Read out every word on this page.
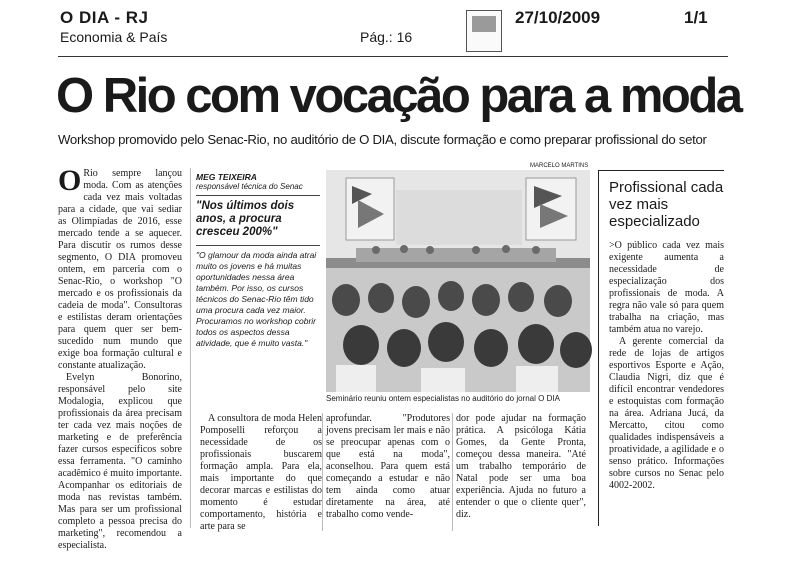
O DIA - RJ
Economia & País	Pág.: 16
27/10/2009	1/1
O Rio com vocação para a moda
Workshop promovido pelo Senac-Rio, no auditório de O DIA, discute formação e como preparar profissional do setor
O Rio sempre lançou moda. Com as atenções cada vez mais voltadas para a cidade, que vai sediar as Olimpíadas de 2016, esse mercado tende a se aquecer. Para discutir os rumos desse segmento, O DIA promoveu ontem, em parceria com o Senac-Rio, o workshop "O mercado e os profissionais da cadeia de moda". Consultoras e estilistas deram orientações para quem quer ser bem-sucedido num mundo que exige boa formação cultural e constante atualização.

Evelyn Bonorino, responsável pelo site Modalogia, explicou que profissionais da área precisam ter cada vez mais noções de marketing e de preferência fazer cursos específicos sobre essa ferramenta. "O caminho acadêmico é muito importante. Acompanhar os editoriais de moda nas revistas também. Mas para ser um profissional completo a pessoa precisa do marketing", recomendou a especialista.

MEG TEIXEIRA
responsável técnica do Senac
"Nos últimos dois anos, a procura cresceu 200%"
"O glamour da moda ainda atrai muito os jovens e há muitas oportunidades nessa área também. Por isso, os cursos técnicos do Senac-Rio têm tido uma procura cada vez maior. Procuramos no workshop cobrir todos os aspectos dessa atividade, que é muito vasta."
MARCELO MARTINS
Seminário reuniu ontem especialistas no auditório do jornal O DIA

A consultora de moda Helen Pomposelli reforçou a necessidade de os profissionais buscarem formação ampla. Para ela, mais importante do que decorar marcas e estilistas do momento é estudar comportamento, história e arte para se

aprofundar. "Produtores jovens precisam ler mais e não se preocupar apenas com o que está na moda", aconselhou. Para quem está começando a estudar e não tem ainda como atuar diretamente na área, até trabalho como vende-

dor pode ajudar na formação prática. A psicóloga Kátia Gomes, da Gente Pronta, começou dessa maneira. "Até um trabalho temporário de Natal pode ser uma boa experiência. Ajuda no futuro a entender o que o cliente quer", diz.

Profissional cada vez mais especializado

>O público cada vez mais exigente aumenta a necessidade de especialização dos profissionais de moda. A regra não vale só para quem trabalha na criação, mas também atua no varejo.

A gerente comercial da rede de lojas de artigos esportivos Esporte e Ação, Claudia Nigri, diz que é difícil encontrar vendedores e estoquistas com formação na área. Adriana Jucá, da Mercatto, citou como qualidades indispensáveis a proatividade, a agilidade e o senso prático. Informações sobre cursos no Senac pelo 4002-2002.
